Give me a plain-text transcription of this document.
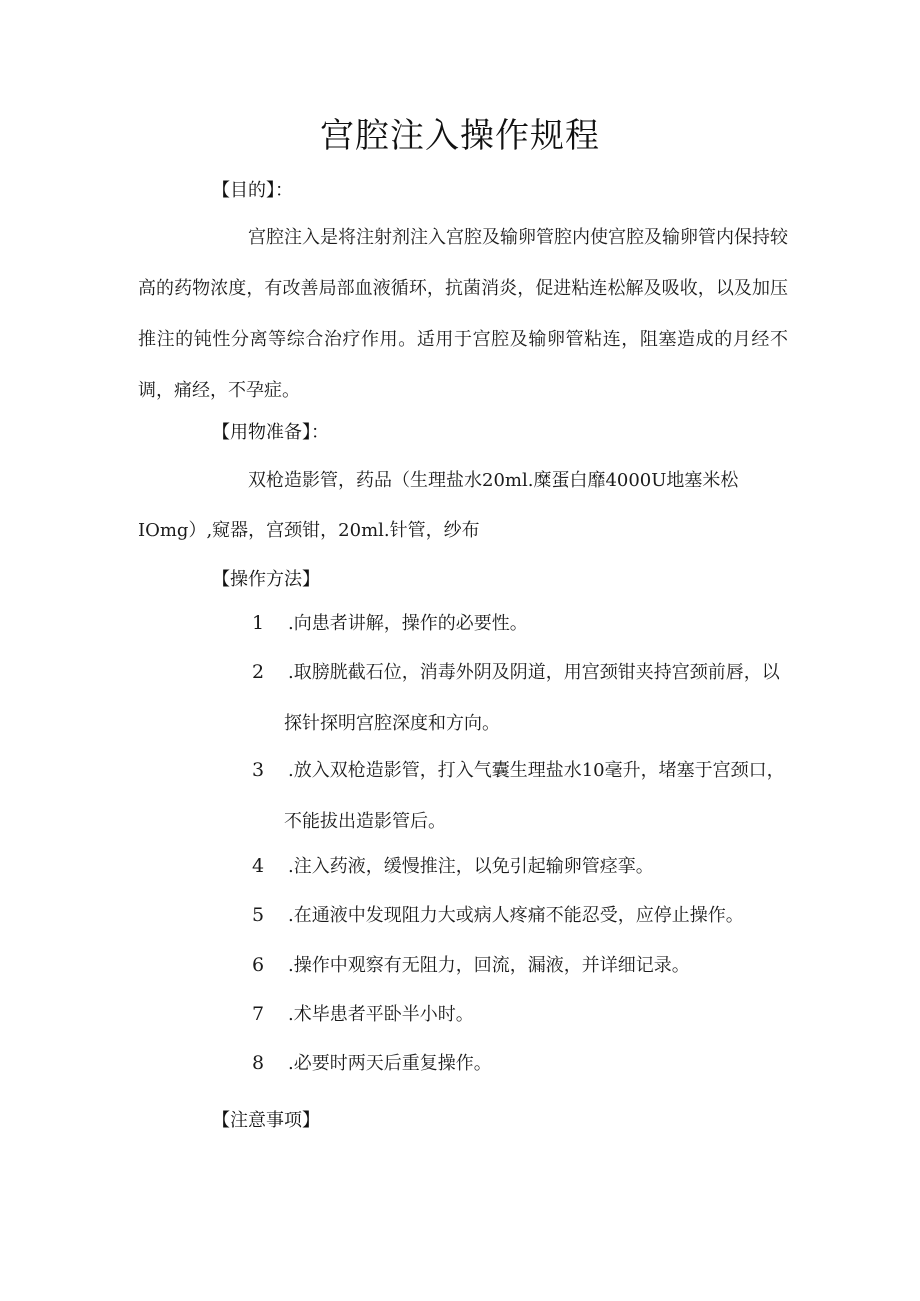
宫腔注入操作规程
【目的】：

宫腔注入是将注射剂注入宫腔及输卵管腔内使宫腔及输卵管内保持较高的药物浓度，有改善局部血液循环，抗菌消炎，促进粘连松解及吸收，以及加压推注的钝性分离等综合治疗作用。适用于宫腔及输卵管粘连，阻塞造成的月经不调，痛经，不孕症。

【用物准备】：
双枪造影管，药品（生理盐水20ml.糜蛋白靡4000U地塞米松
IOmg）,窥器，宫颈钳，20ml.针管，纱布
【操作方法】
1 .向患者讲解，操作的必要性。
2 .取膀胱截石位，消毒外阴及阴道，用宫颈钳夹持宫颈前唇，以
探针探明宫腔深度和方向。
3 .放入双枪造影管，打入气囊生理盐水10毫升，堵塞于宫颈口，
不能拔出造影管后。
4 .注入药液，缓慢推注，以免引起输卵管痉挛。
5 .在通液中发现阻力大或病人疼痛不能忍受，应停止操作。
6 .操作中观察有无阻力，回流，漏液，并详细记录。
7 .术毕患者平卧半小时。
8 .必要时两天后重复操作。
【注意事项】
